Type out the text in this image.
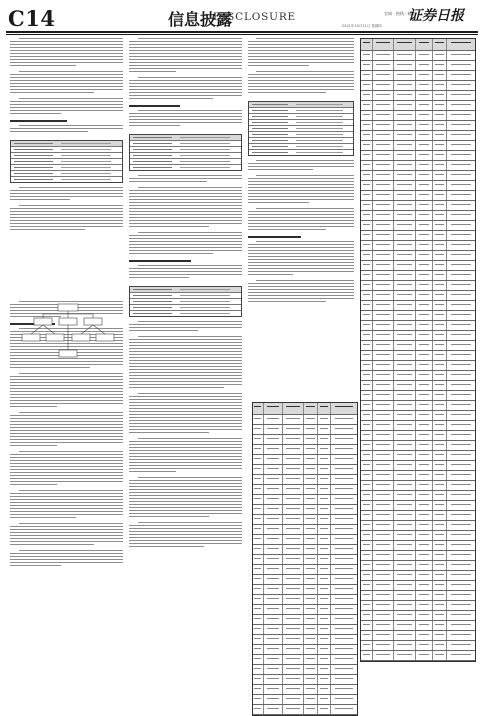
C14	信息披露
DISCLOSURE	官网 · 热线 · 邮箱
证券日报
2021年10月21日 星期四
